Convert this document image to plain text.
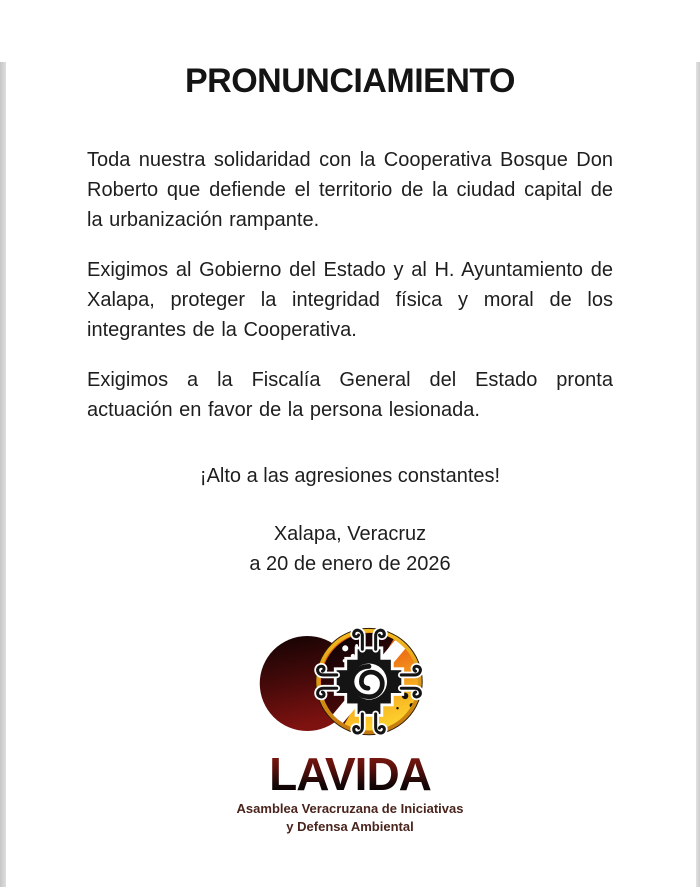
PRONUNCIAMIENTO

Toda nuestra solidaridad con la Cooperativa Bosque Don Roberto que defiende el territorio de la ciudad capital de la urbanización rampante.

Exigimos al Gobierno del Estado y al H. Ayuntamiento de Xalapa, proteger la integridad física y moral de los integrantes de la Cooperativa.

Exigimos a la Fiscalía General del Estado pronta actuación en favor de la persona lesionada.

¡Alto a las agresiones constantes!

Xalapa, Veracruz
a 20 de enero de 2026
LAVIDA
Asamblea Veracruzana de Iniciativas
y Defensa Ambiental
